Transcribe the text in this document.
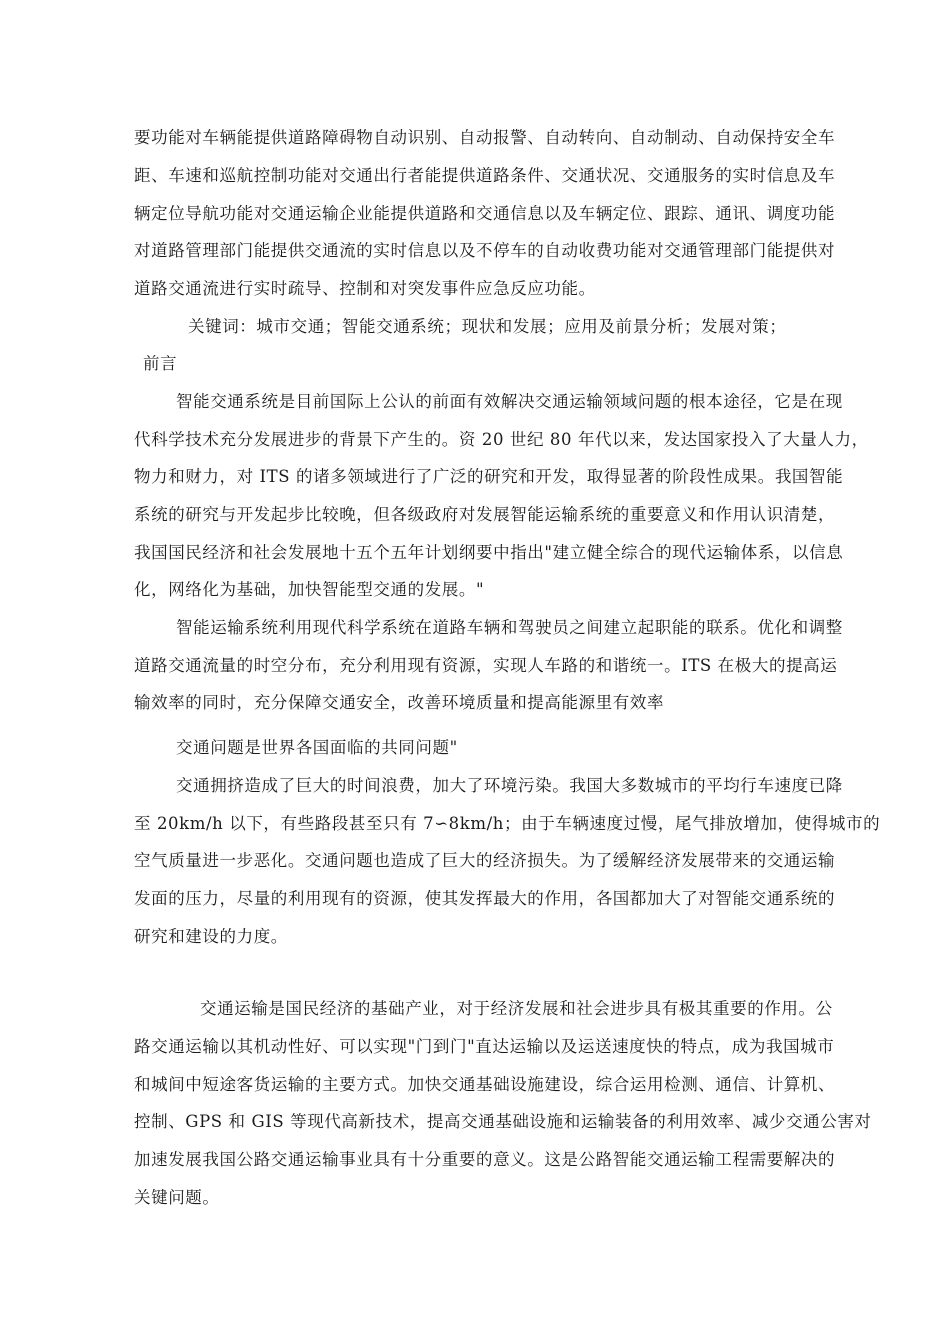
要功能对车辆能提供道路障碍物自动识别、自动报警、自动转向、自动制动、自动保持安全车
距、车速和巡航控制功能对交通出行者能提供道路条件、交通状况、交通服务的实时信息及车
辆定位导航功能对交通运输企业能提供道路和交通信息以及车辆定位、跟踪、通讯、调度功能
对道路管理部门能提供交通流的实时信息以及不停车的自动收费功能对交通管理部门能提供对
道路交通流进行实时疏导、控制和对突发事件应急反应功能。
关键词：城市交通；智能交通系统；现状和发展；应用及前景分析；发展对策；
前言
智能交通系统是目前国际上公认的前面有效解决交通运输领域问题的根本途径，它是在现
代科学技术充分发展进步的背景下产生的。资 20 世纪 80 年代以来，发达国家投入了大量人力，
物力和财力，对 ITS 的诸多领域进行了广泛的研究和开发，取得显著的阶段性成果。我国智能
系统的研究与开发起步比较晚，但各级政府对发展智能运输系统的重要意义和作用认识清楚，
我国国民经济和社会发展地十五个五年计划纲要中指出"建立健全综合的现代运输体系，以信息
化，网络化为基础，加快智能型交通的发展。"
智能运输系统利用现代科学系统在道路车辆和驾驶员之间建立起职能的联系。优化和调整
道路交通流量的时空分布，充分利用现有资源，实现人车路的和谐统一。ITS 在极大的提高运
输效率的同时，充分保障交通安全，改善环境质量和提高能源里有效率
交通问题是世界各国面临的共同问题"
交通拥挤造成了巨大的时间浪费，加大了环境污染。我国大多数城市的平均行车速度已降
至 20km/h 以下，有些路段甚至只有 7∽8km/h；由于车辆速度过慢，尾气排放增加，使得城市的
空气质量进一步恶化。交通问题也造成了巨大的经济损失。为了缓解经济发展带来的交通运输
发面的压力，尽量的利用现有的资源，使其发挥最大的作用，各国都加大了对智能交通系统的
研究和建设的力度。
交通运输是国民经济的基础产业，对于经济发展和社会进步具有极其重要的作用。公
路交通运输以其机动性好、可以实现"门到门"直达运输以及运送速度快的特点，成为我国城市
和城间中短途客货运输的主要方式。加快交通基础设施建设，综合运用检测、通信、计算机、
控制、GPS 和 GIS 等现代高新技术，提高交通基础设施和运输装备的利用效率、减少交通公害对
加速发展我国公路交通运输事业具有十分重要的意义。这是公路智能交通运输工程需要解决的
关键问题。
